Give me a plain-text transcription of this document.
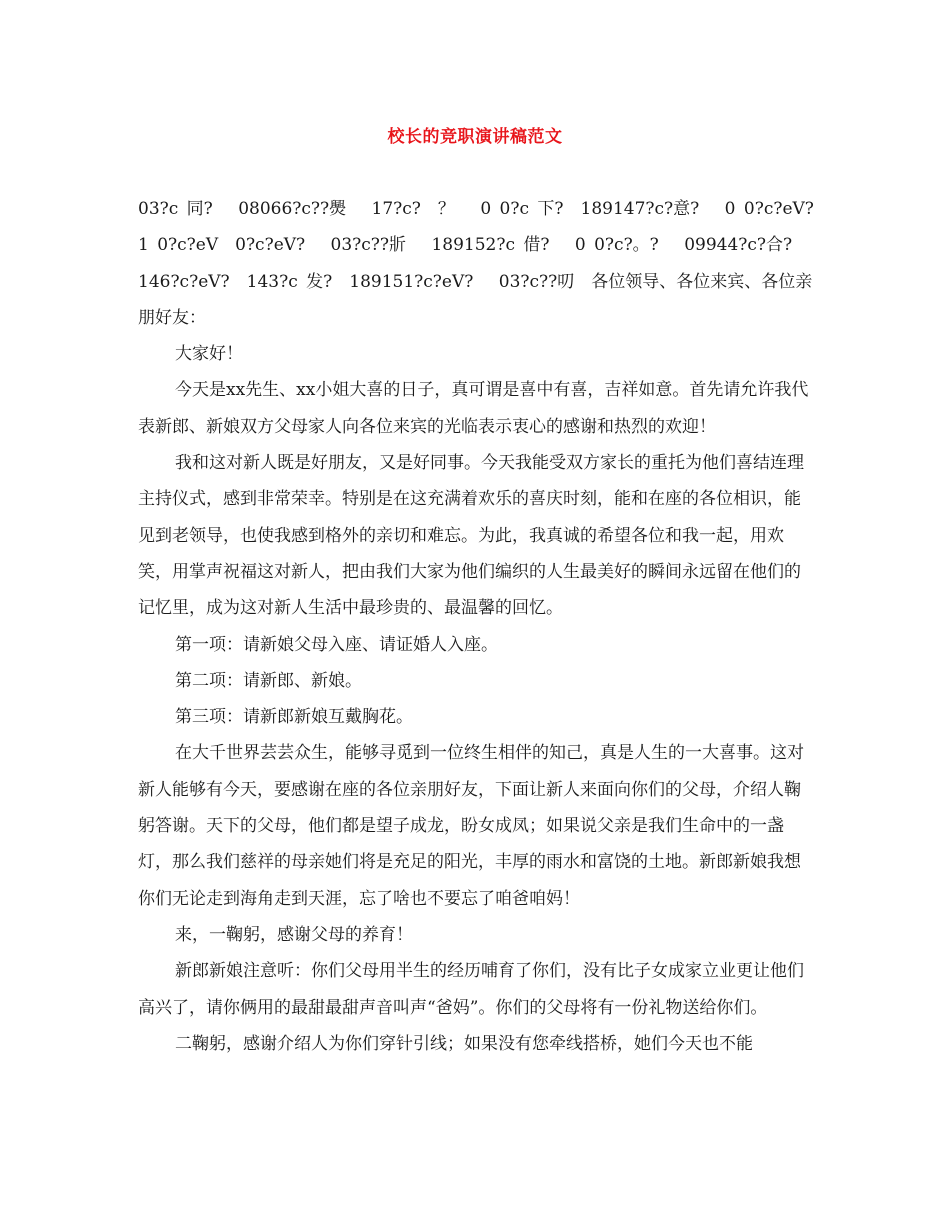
校长的竞职演讲稿范文

03?c 同?　 08066?c??爂　 17?c?　？　 0 0?c 下?　189147?c?意?　 0 0?c?eV? 1 0?c?eV　0?c?eV?　 03?c??斨　 189152?c 借?　 0 0?c?。?　 09944?c?合? 146?c?eV?　143?c 发?　189151?c?eV?　 03?c??叨　各位领导、各位来宾、各位亲朋好友：

大家好！

今天是xx先生、xx小姐大喜的日子，真可谓是喜中有喜，吉祥如意。首先请允许我代表新郎、新娘双方父母家人向各位来宾的光临表示衷心的感谢和热烈的欢迎！

我和这对新人既是好朋友，又是好同事。今天我能受双方家长的重托为他们喜结连理主持仪式，感到非常荣幸。特别是在这充满着欢乐的喜庆时刻，能和在座的各位相识，能见到老领导，也使我感到格外的亲切和难忘。为此，我真诚的希望各位和我一起，用欢笑，用掌声祝福这对新人，把由我们大家为他们编织的人生最美好的瞬间永远留在他们的记忆里，成为这对新人生活中最珍贵的、最温馨的回忆。

第一项：请新娘父母入座、请证婚人入座。

第二项：请新郎、新娘。

第三项：请新郎新娘互戴胸花。

在大千世界芸芸众生，能够寻觅到一位终生相伴的知己，真是人生的一大喜事。这对新人能够有今天，要感谢在座的各位亲朋好友，下面让新人来面向你们的父母，介绍人鞠躬答谢。天下的父母，他们都是望子成龙，盼女成凤；如果说父亲是我们生命中的一盏灯，那么我们慈祥的母亲她们将是充足的阳光，丰厚的雨水和富饶的土地。新郎新娘我想你们无论走到海角走到天涯，忘了啥也不要忘了咱爸咱妈！

来，一鞠躬，感谢父母的养育！

新郎新娘注意听：你们父母用半生的经历哺育了你们，没有比子女成家立业更让他们高兴了，请你俩用的最甜最甜声音叫声“爸妈”。你们的父母将有一份礼物送给你们。

二鞠躬，感谢介绍人为你们穿针引线；如果没有您牵线搭桥，她们今天也不能
